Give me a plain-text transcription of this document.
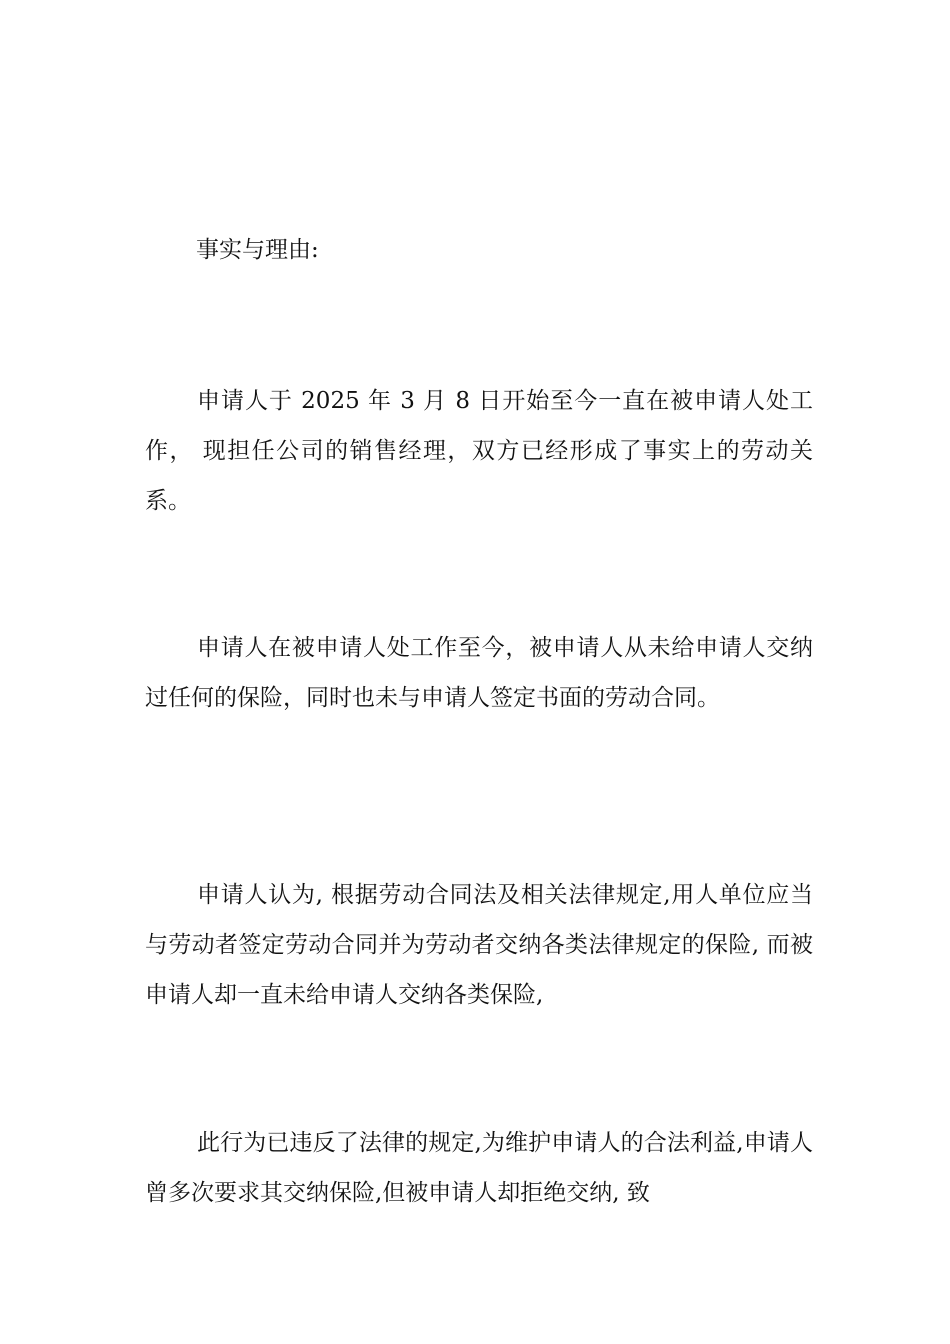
事实与理由:

申请人于 2025 年 3 月 8 日开始至今一直在被申请人处工作， 现担任公司的销售经理，双方已经形成了事实上的劳动关系。

申请人在被申请人处工作至今，被申请人从未给申请人交纳过任何的保险，同时也未与申请人签定书面的劳动合同。

申请人认为, 根据劳动合同法及相关法律规定,用人单位应当与劳动者签定劳动合同并为劳动者交纳各类法律规定的保险, 而被申请人却一直未给申请人交纳各类保险,

此行为已违反了法律的规定,为维护申请人的合法利益,申请人曾多次要求其交纳保险,但被申请人却拒绝交纳, 致
